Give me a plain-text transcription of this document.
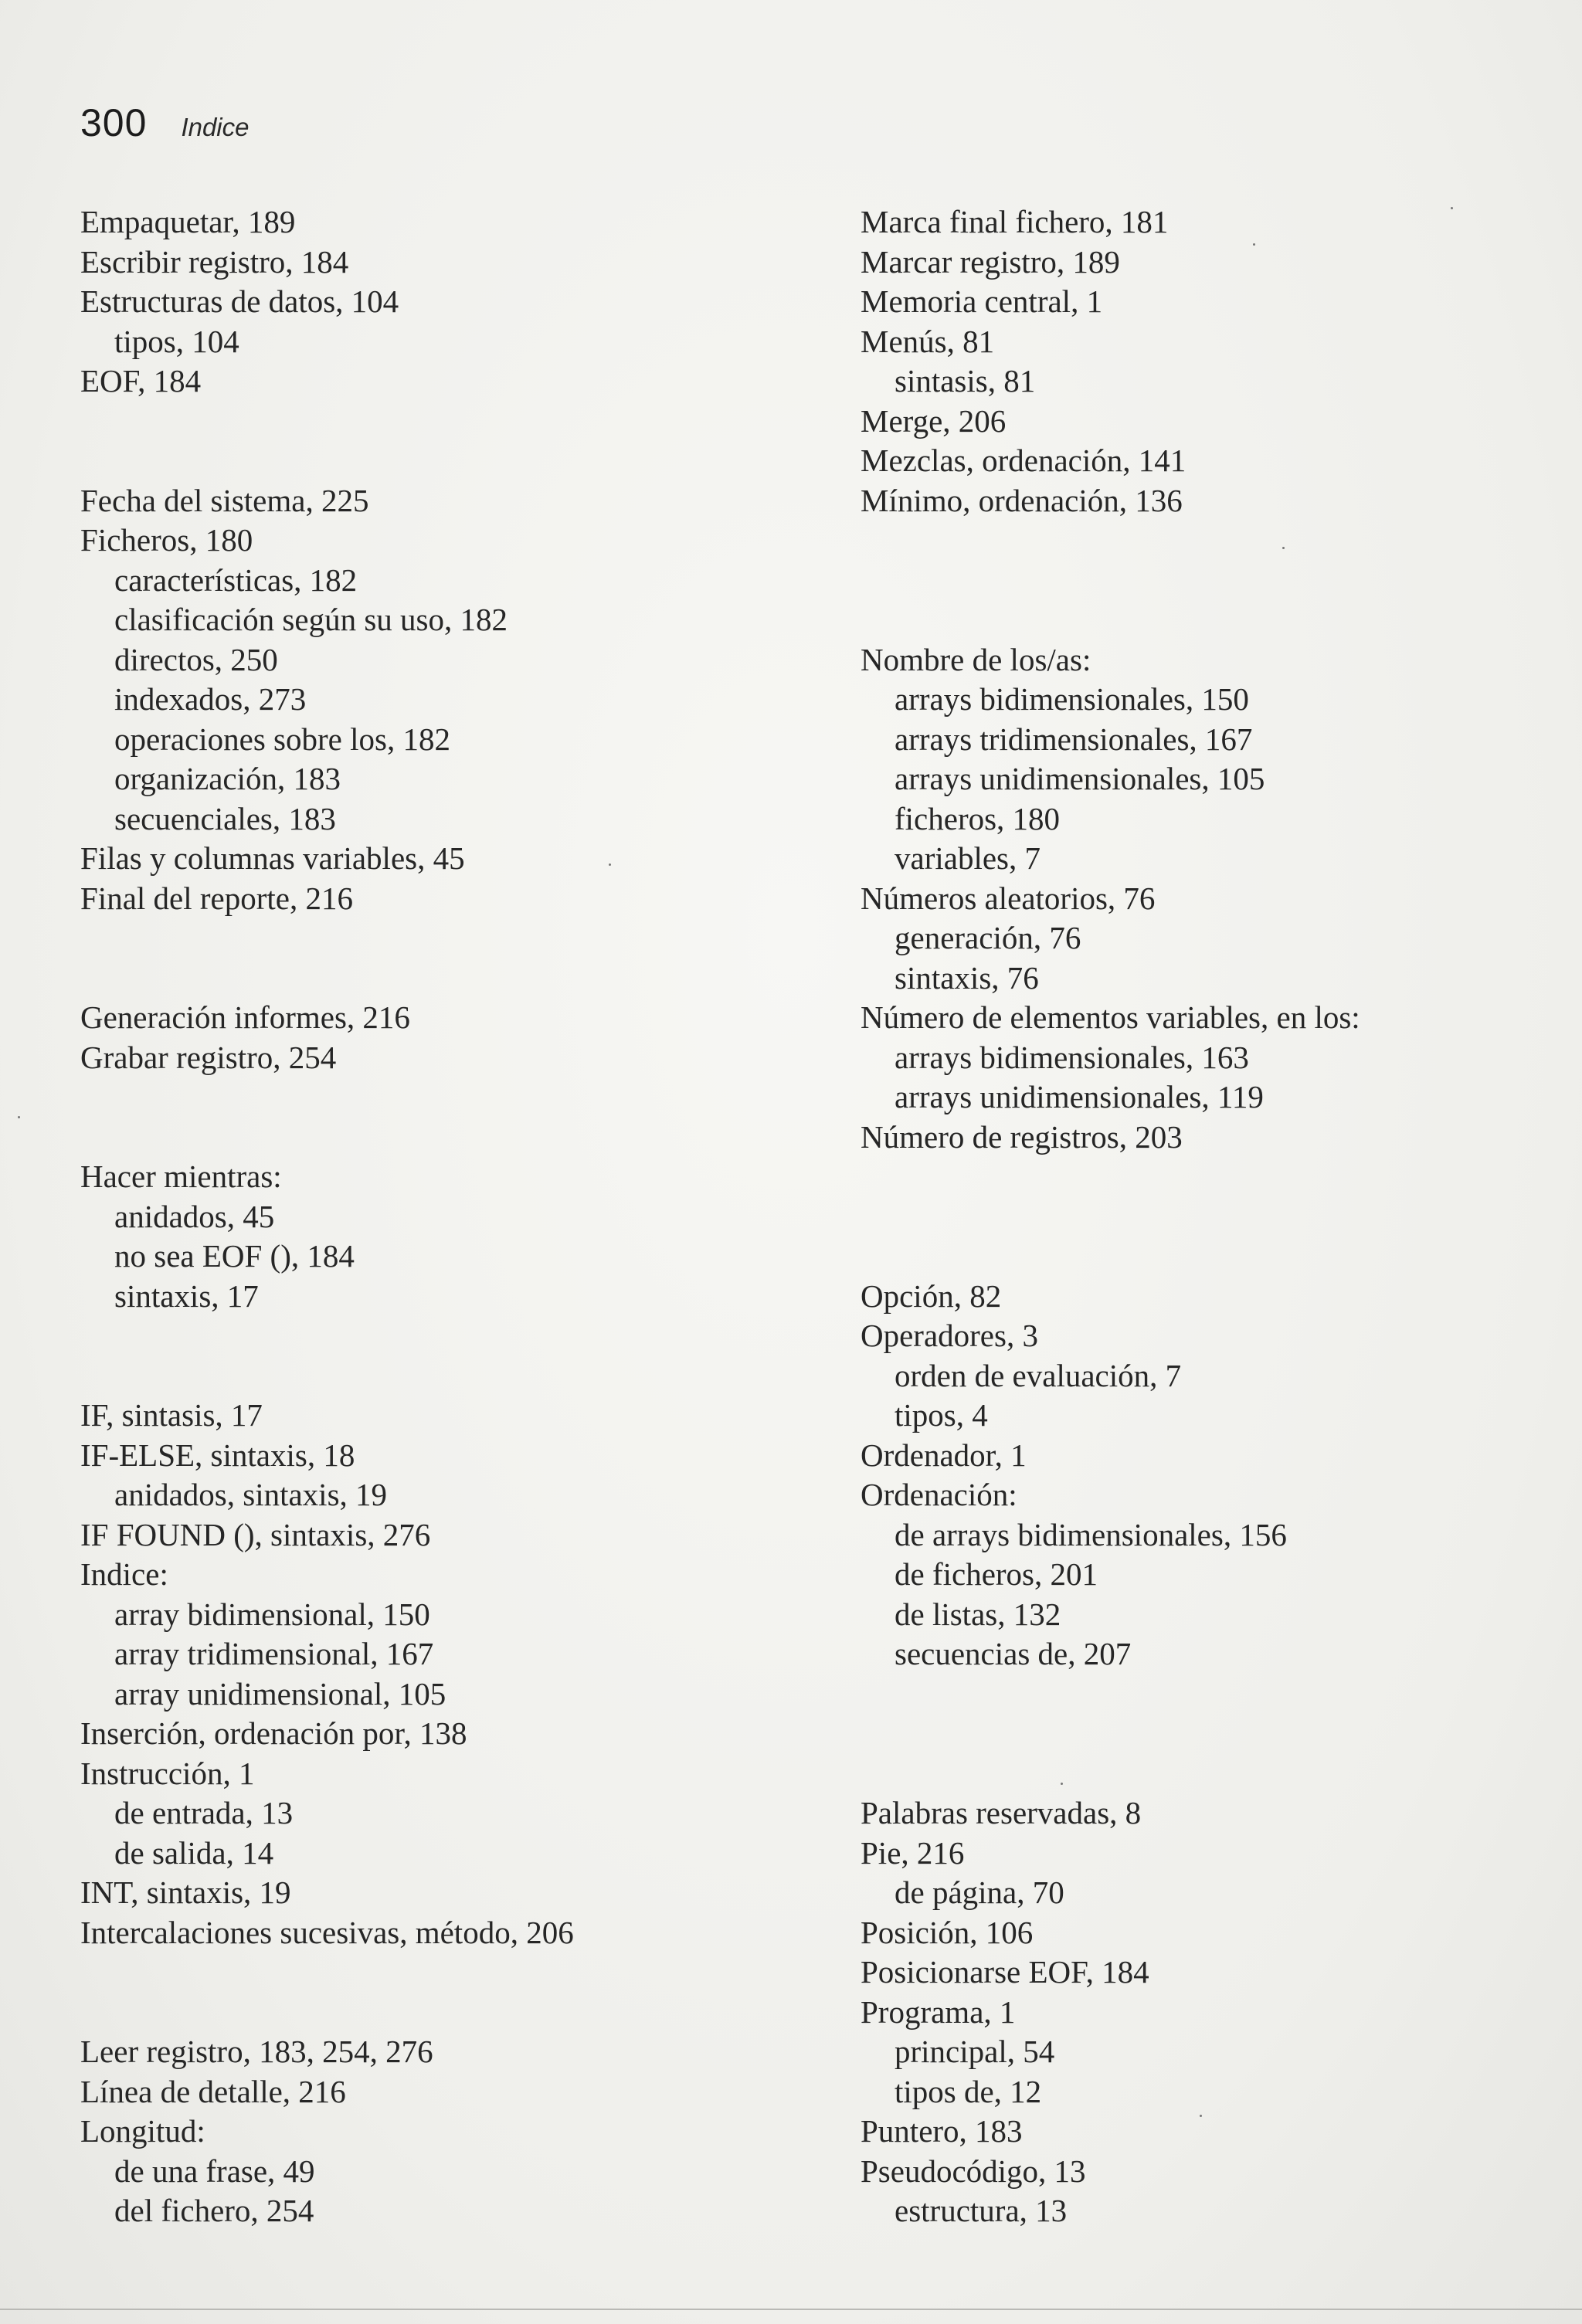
300 Indice
Empaquetar, 189
Escribir registro, 184
Estructuras de datos, 104
tipos, 104
EOF, 184
Fecha del sistema, 225
Ficheros, 180
características, 182
clasificación según su uso, 182
directos, 250
indexados, 273
operaciones sobre los, 182
organización, 183
secuenciales, 183
Filas y columnas variables, 45
Final del reporte, 216
Generación informes, 216
Grabar registro, 254
Hacer mientras:
anidados, 45
no sea EOF (), 184
sintaxis, 17
IF, sintasis, 17
IF-ELSE, sintaxis, 18
anidados, sintaxis, 19
IF FOUND (), sintaxis, 276
Indice:
array bidimensional, 150
array tridimensional, 167
array unidimensional, 105
Inserción, ordenación por, 138
Instrucción, 1
de entrada, 13
de salida, 14
INT, sintaxis, 19
Intercalaciones sucesivas, método, 206
Leer registro, 183, 254, 276
Línea de detalle, 216
Longitud:
de una frase, 49
del fichero, 254
Marca final fichero, 181
Marcar registro, 189
Memoria central, 1
Menús, 81
sintasis, 81
Merge, 206
Mezclas, ordenación, 141
Mínimo, ordenación, 136
Nombre de los/as:
arrays bidimensionales, 150
arrays tridimensionales, 167
arrays unidimensionales, 105
ficheros, 180
variables, 7
Números aleatorios, 76
generación, 76
sintaxis, 76
Número de elementos variables, en los:
arrays bidimensionales, 163
arrays unidimensionales, 119
Número de registros, 203
Opción, 82
Operadores, 3
orden de evaluación, 7
tipos, 4
Ordenador, 1
Ordenación:
de arrays bidimensionales, 156
de ficheros, 201
de listas, 132
secuencias de, 207
Palabras reservadas, 8
Pie, 216
de página, 70
Posición, 106
Posicionarse EOF, 184
Programa, 1
principal, 54
tipos de, 12
Puntero, 183
Pseudocódigo, 13
estructura, 13
